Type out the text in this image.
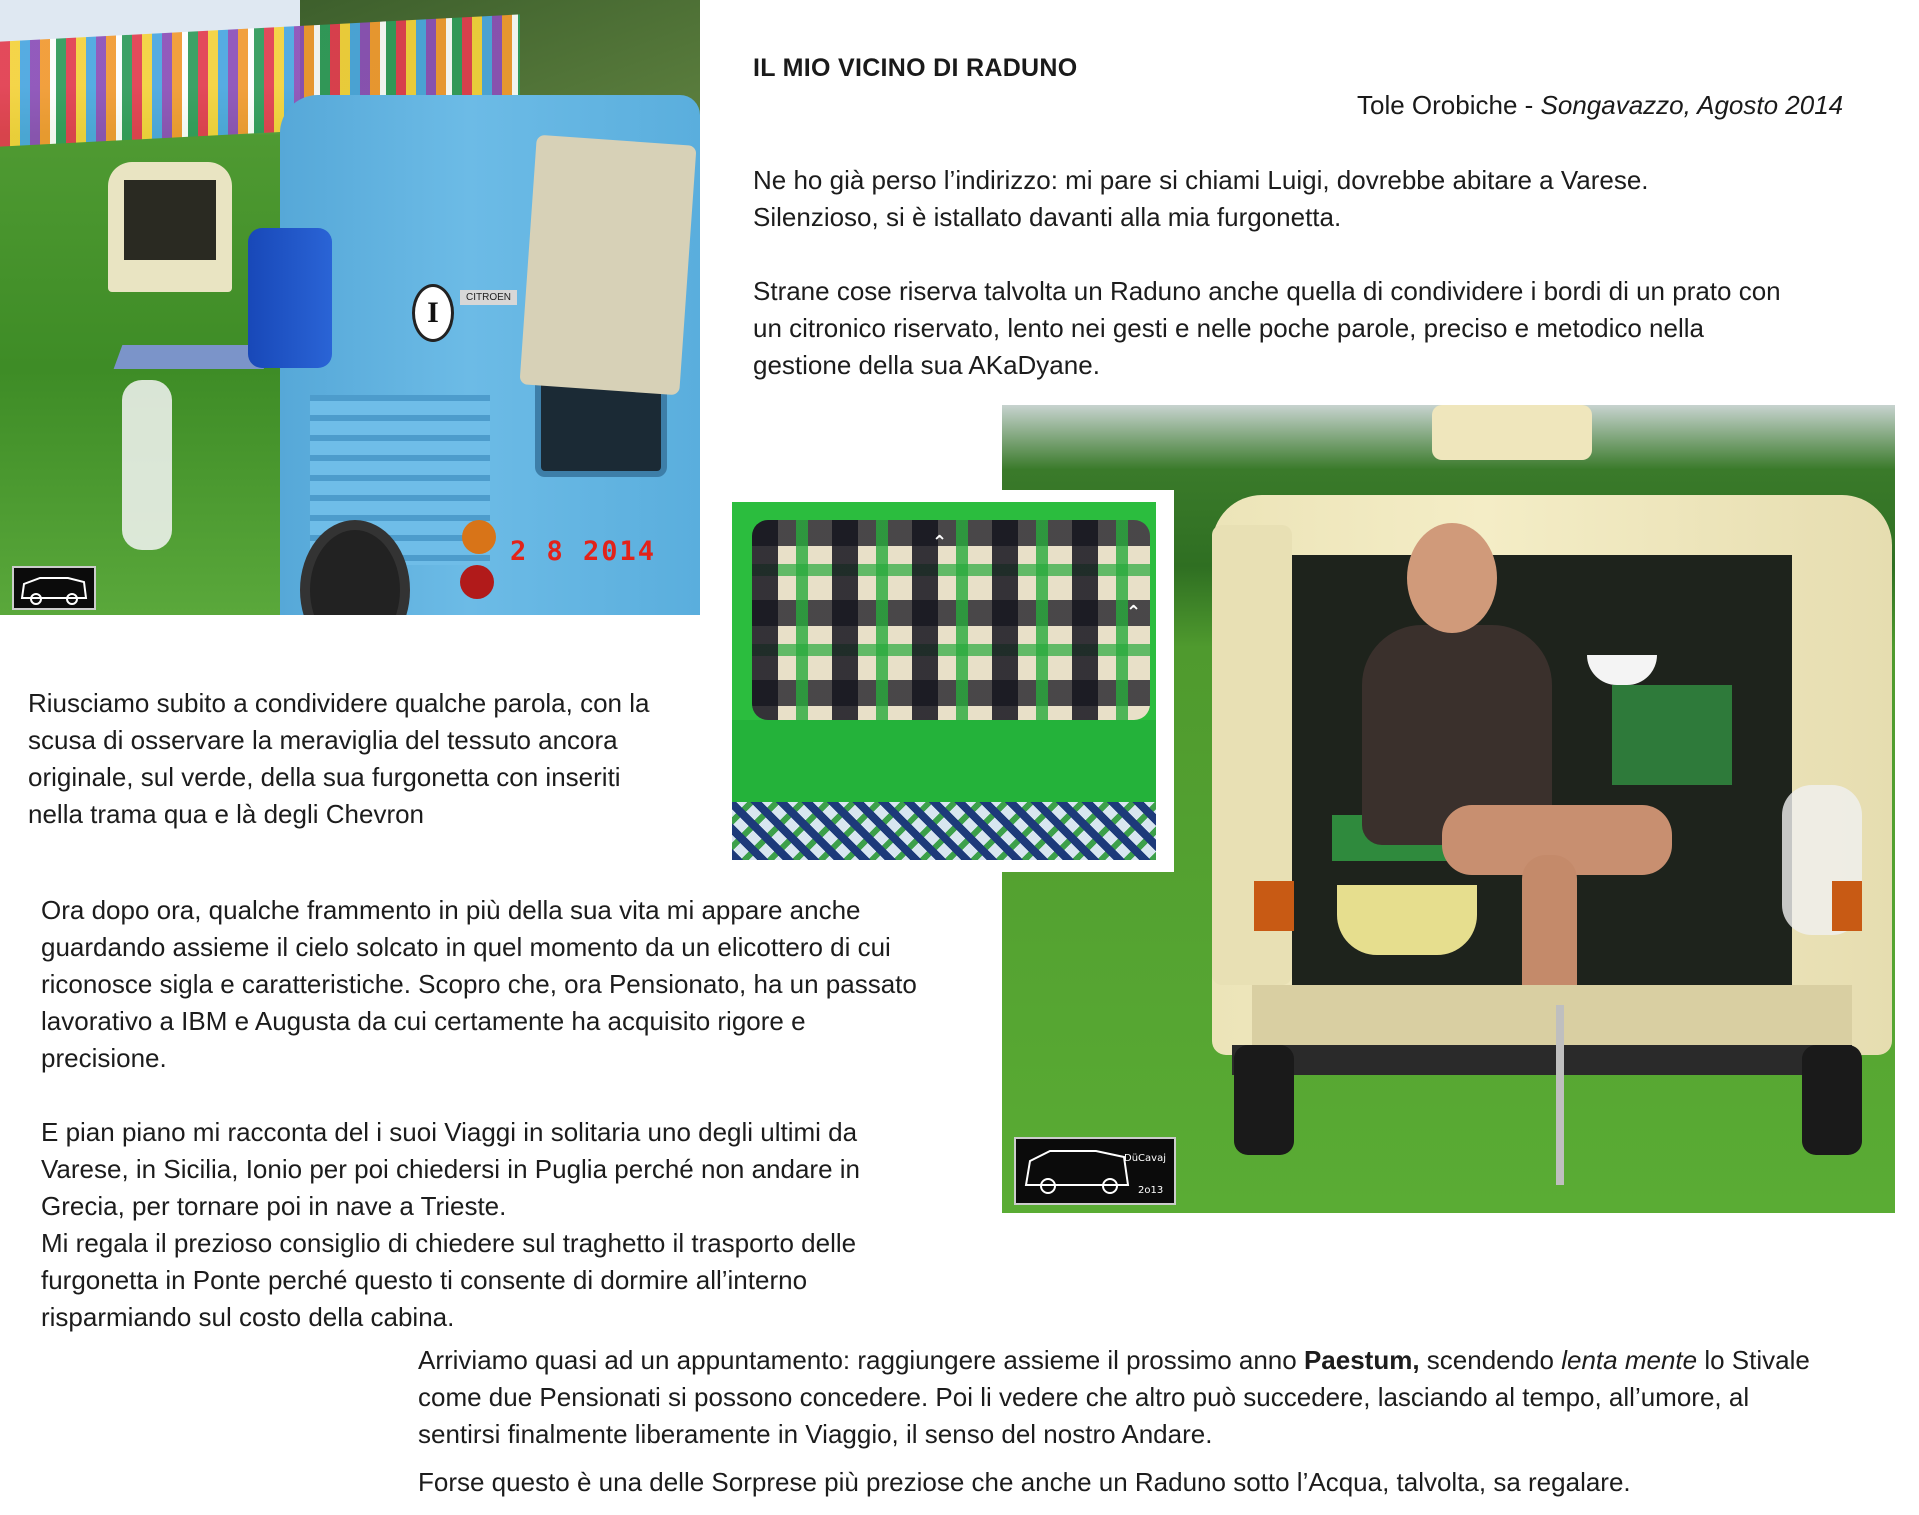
I	CITROEN
2 8 2014
DüCavaj
2o13
⌃
⌃
IL MIO VICINO DI RADUNO
Tole Orobiche - Songavazzo, Agosto 2014
Ne ho già perso l’indirizzo: mi pare si chiami Luigi, dovrebbe abitare a Varese.
Silenzioso, si è istallato davanti alla mia furgonetta.
Strane cose riserva talvolta un Raduno anche quella di condividere i bordi di un prato con
un citronico riservato, lento nei gesti e nelle poche parole, preciso e metodico nella
gestione della sua AKaDyane.
Riusciamo subito a condividere qualche parola, con la
scusa di osservare la meraviglia del tessuto ancora
originale, sul verde, della sua furgonetta con inseriti
nella trama qua e là degli Chevron
Ora dopo ora, qualche frammento in più della sua vita mi appare anche
guardando assieme il cielo solcato in quel momento da un elicottero di cui
riconosce sigla e caratteristiche. Scopro che, ora Pensionato, ha un passato
lavorativo a IBM e Augusta da cui certamente ha acquisito rigore e
precisione.
E pian piano mi racconta del i suoi Viaggi in solitaria uno degli ultimi da
Varese, in Sicilia, Ionio per poi chiedersi in Puglia perché non andare in
Grecia, per tornare poi in nave a Trieste.
Mi regala il prezioso consiglio di chiedere sul traghetto il trasporto delle
furgonetta in Ponte perché questo ti consente di dormire all’interno
risparmiando sul costo della cabina.
Arriviamo quasi ad un appuntamento: raggiungere assieme il prossimo anno Paestum, scendendo lenta mente lo Stivale
come due Pensionati si possono concedere. Poi li vedere che altro può succedere, lasciando al tempo, all’umore, al
sentirsi finalmente liberamente in Viaggio, il senso del nostro Andare.
Forse questo è una delle Sorprese più preziose che anche un Raduno sotto l’Acqua, talvolta, sa regalare.
